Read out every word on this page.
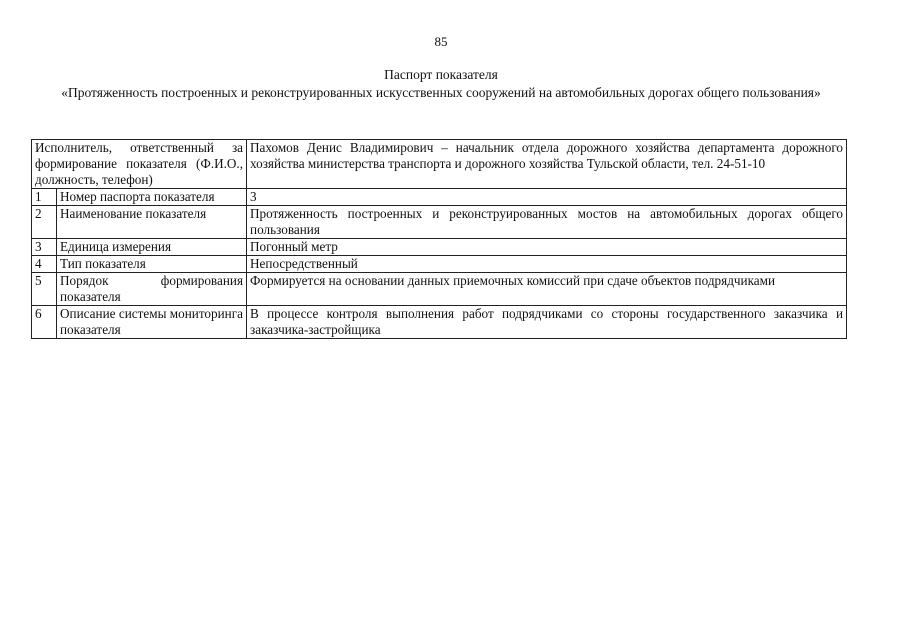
85
Паспорт показателя
«Протяженность построенных и реконструированных искусственных сооружений на автомобильных дорогах общего пользования»
Исполнитель, ответственный за формирование показателя (Ф.И.О., должность, телефон)		Пахомов Денис Владимирович – начальник отдела дорожного хозяйства департамента дорожного хозяйства министерства транспорта и дорожного хозяйства Тульской области, тел. 24-51-10
1	Номер паспорта показателя	3
2	Наименование показателя	Протяженность построенных и реконструированных мостов на автомобильных дорогах общего пользования
3	Единица измерения	Погонный метр
4	Тип показателя	Непосредственный
5	Порядок формирования показателя	Формируется на основании данных приемочных комиссий при сдаче объектов подрядчиками
6	Описание системы мониторинга показателя	В процессе контроля выполнения работ подрядчиками со стороны государственного заказчика и заказчика-застройщика
